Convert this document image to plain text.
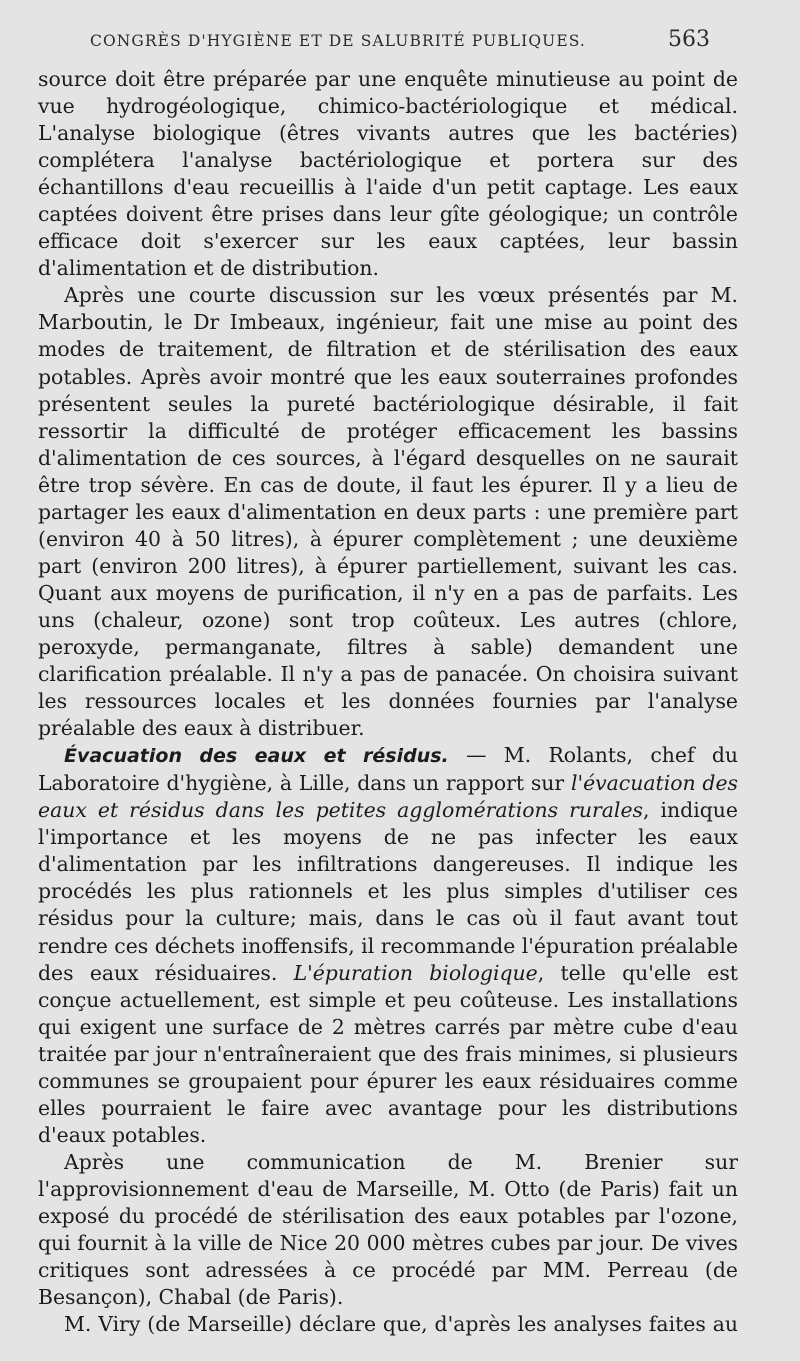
CONGRÈS D'HYGIÈNE ET DE SALUBRITÉ PUBLIQUES.	563

source doit être préparée par une enquête minutieuse au point de vue hydrogéologique, chimico-bactériologique et médical. L'analyse biologique (êtres vivants autres que les bactéries) complétera l'analyse bactériologique et portera sur des échantillons d'eau recueillis à l'aide d'un petit captage. Les eaux captées doivent être prises dans leur gîte géologique; un contrôle efficace doit s'exercer sur les eaux captées, leur bassin d'alimentation et de distribution.

Après une courte discussion sur les vœux présentés par M. Marboutin, le Dr Imbeaux, ingénieur, fait une mise au point des modes de traitement, de filtration et de stérilisation des eaux potables. Après avoir montré que les eaux souterraines profondes présentent seules la pureté bactériologique désirable, il fait ressortir la difficulté de protéger efficacement les bassins d'alimentation de ces sources, à l'égard desquelles on ne saurait être trop sévère. En cas de doute, il faut les épurer. Il y a lieu de partager les eaux d'alimentation en deux parts : une première part (environ 40 à 50 litres), à épurer complètement ; une deuxième part (environ 200 litres), à épurer partiellement, suivant les cas. Quant aux moyens de purification, il n'y en a pas de parfaits. Les uns (chaleur, ozone) sont trop coûteux. Les autres (chlore, peroxyde, permanganate, filtres à sable) demandent une clarification préalable. Il n'y a pas de panacée. On choisira suivant les ressources locales et les données fournies par l'analyse préalable des eaux à distribuer.

Évacuation des eaux et résidus. — M. Rolants, chef du Laboratoire d'hygiène, à Lille, dans un rapport sur l'évacuation des eaux et résidus dans les petites agglomérations rurales, indique l'importance et les moyens de ne pas infecter les eaux d'alimentation par les infiltrations dangereuses. Il indique les procédés les plus rationnels et les plus simples d'utiliser ces résidus pour la culture; mais, dans le cas où il faut avant tout rendre ces déchets inoffensifs, il recommande l'épuration préalable des eaux résiduaires. L'épuration biologique, telle qu'elle est conçue actuellement, est simple et peu coûteuse. Les installations qui exigent une surface de 2 mètres carrés par mètre cube d'eau traitée par jour n'entraîneraient que des frais minimes, si plusieurs communes se groupaient pour épurer les eaux résiduaires comme elles pourraient le faire avec avantage pour les distributions d'eaux potables.

Après une communication de M. Brenier sur l'approvisionnement d'eau de Marseille, M. Otto (de Paris) fait un exposé du procédé de stérilisation des eaux potables par l'ozone, qui fournit à la ville de Nice 20 000 mètres cubes par jour. De vives critiques sont adressées à ce procédé par MM. Perreau (de Besançon), Chabal (de Paris).

M. Viry (de Marseille) déclare que, d'après les analyses faites au
